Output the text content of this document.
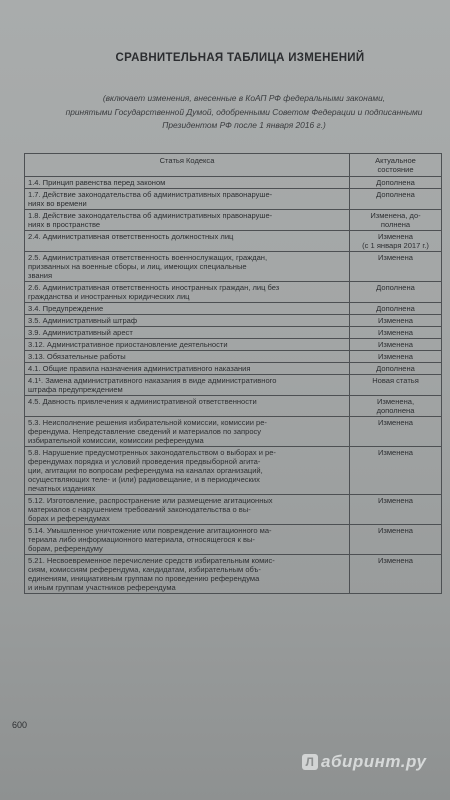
СРАВНИТЕЛЬНАЯ ТАБЛИЦА ИЗМЕНЕНИЙ
(включает изменения, внесенные в КоАП РФ федеральными законами,
принятыми Государственной Думой, одобренными Советом Федерации и подписанными
Президентом РФ после 1 января 2016 г.)
Статья Кодекса	Актуальное
состояние

1.4. Принцип равенства перед законом	Дополнена

1.7. Действие законодательства об административных правонаруше-
ниях во времени	Дополнена

1.8. Действие законодательства об административных правонаруше-
ниях в пространстве	Изменена, до-
полнена

2.4. Административная ответственность должностных лиц	Изменена
(с 1 января 2017 г.)

2.5. Административная ответственность военнослужащих, граждан,
призванных на военные сборы, и лиц, имеющих специальные
звания	Изменена

2.6. Административная ответственность иностранных граждан, лиц без
гражданства и иностранных юридических лиц	Дополнена

3.4. Предупреждение	Дополнена

3.5. Административный штраф	Изменена

3.9. Административный арест	Изменена

3.12. Административное приостановление деятельности	Изменена

3.13. Обязательные работы	Изменена

4.1. Общие правила назначения административного наказания	Дополнена

4.1¹. Замена административного наказания в виде административного
штрафа предупреждением	Новая статья

4.5. Давность привлечения к административной ответственности	Изменена,
дополнена

5.3. Неисполнение решения избирательной комиссии, комиссии ре-
ферендума. Непредставление сведений и материалов по запросу
избирательной комиссии, комиссии референдума	Изменена

5.8. Нарушение предусмотренных законодательством о выборах и ре-
ферендумах порядка и условий проведения предвыборной агита-
ции, агитации по вопросам референдума на каналах организаций,
осуществляющих теле- и (или) радиовещание, и в периодических
печатных изданиях	Изменена

5.12. Изготовление, распространение или размещение агитационных
материалов с нарушением требований законодательства о вы-
борах и референдумах	Изменена

5.14. Умышленное уничтожение или повреждение агитационного ма-
териала либо информационного материала, относящегося к вы-
борам, референдуму	Изменена

5.21. Несвоевременное перечисление средств избирательным комис-
сиям, комиссиям референдума, кандидатам, избирательным объ-
единениям, инициативным группам по проведению референдума
и иным группам участников референдума	Изменена
600
Л абиринт.ру
